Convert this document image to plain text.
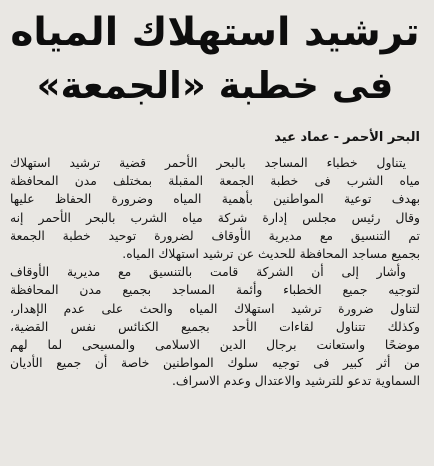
ترشيد استهلاك المياه
فى خطبة «الجمعة»
البحر الأحمر-عماد عيد
يتناول خطباء المساجد بالبحر الأحمر قضية ترشيد استهلاك
مياه الشرب فى خطبة الجمعة المقبلة بمختلف مدن المحافظة
بهدف توعية المواطنين بأهمية المياه وضرورة الحفاظ عليها
وقال رئيس مجلس إدارة شركة مياه الشرب بالبحر الأحمر إنه
تم التنسيق مع مديرية الأوقاف لضرورة توحيد خطبة الجمعة
بجميع مساجد المحافظة للحديث عن ترشيد استهلاك المياه.
وأشار إلى أن الشركة قامت بالتنسيق مع مديرية الأوقاف
لتوجيه جميع الخطباء وأئمة المساجد بجميع مدن المحافظة
لتناول ضرورة ترشيد استهلاك المياه والحث على عدم الإهدار،
وكذلك تتناول لقاءات الأحد بجميع الكنائس نفس القضية،
موضحًا واستعانت برجال الدين الاسلامى والمسيحى لما لهم
من أثر كبير فى توجيه سلوك المواطنين خاصة أن جميع الأديان
السماوية تدعو للترشيد والاعتدال وعدم الاسراف.
